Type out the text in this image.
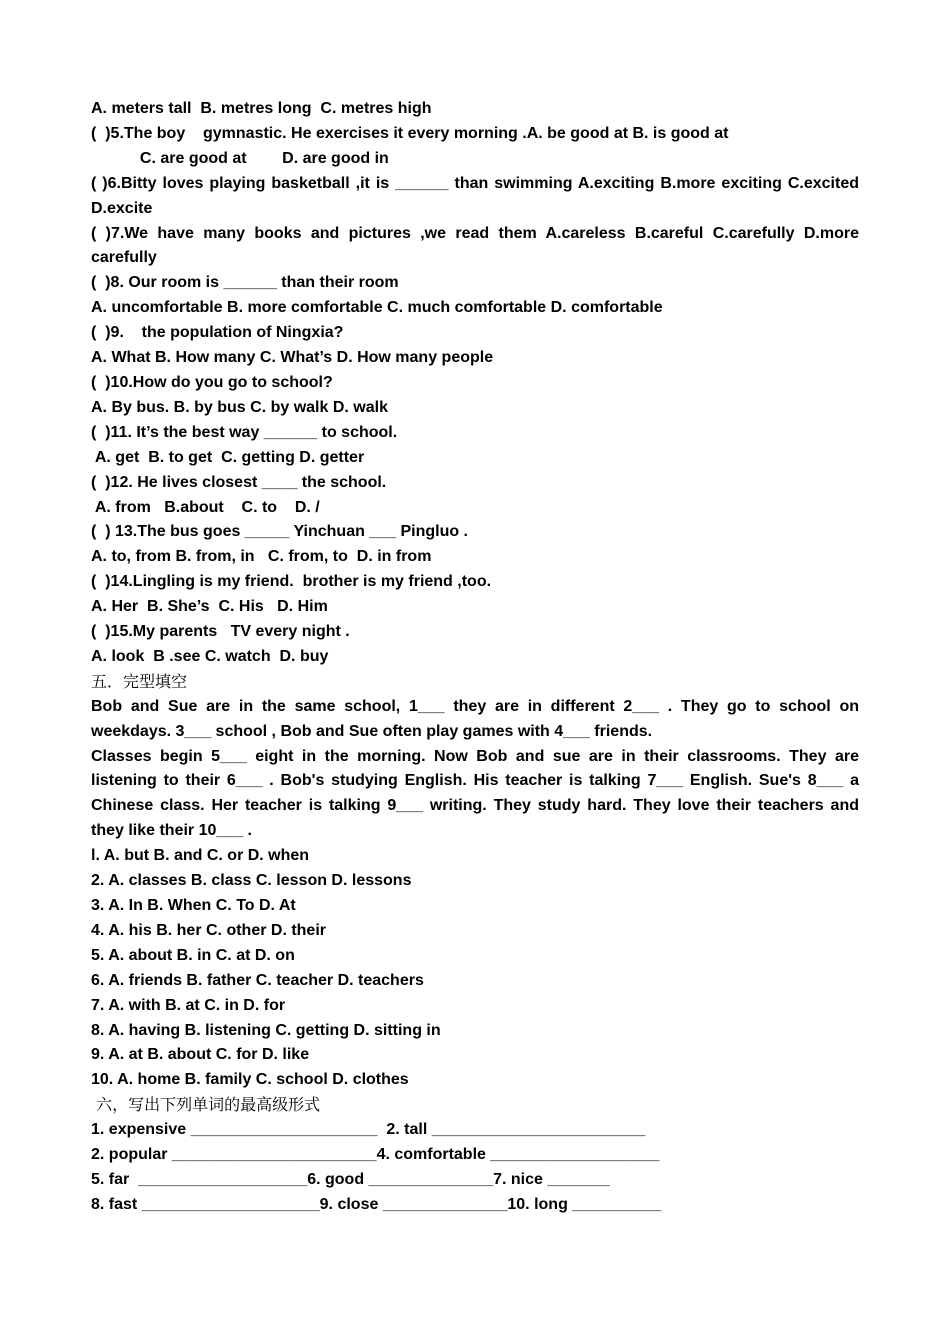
A. meters tall  B. metres long  C. metres high
(  )5.The boy    gymnastic. He exercises it every morning .A. be good at B. is good at
C. are good at        D. are good in
( )6.Bitty loves playing basketball ,it is ______ than swimming A.exciting B.more exciting C.excited D.excite
( )7.We have many books and pictures ,we read them A.careless B.careful C.carefully D.more carefully
(  )8. Our room is ______ than their room
A. uncomfortable B. more comfortable C. much comfortable D. comfortable
(  )9.    the population of Ningxia?
A. What B. How many C. What’s D. How many people
(  )10.How do you go to school?
A. By bus. B. by bus C. by walk D. walk
(  )11. It’s the best way ______ to school.
A. get  B. to get  C. getting D. getter
(  )12. He lives closest ____ the school.
A. from   B.about    C. to    D. /
(  ) 13.The bus goes _____ Yinchuan ___ Pingluo .
A. to, from B. from, in   C. from, to  D. in from
(  )14.Lingling is my friend.  brother is my friend ,too.
A. Her  B. She’s  C. His   D. Him
(  )15.My parents   TV every night .
A. look  B .see C. watch  D. buy
五．完型填空
Bob and Sue are in the same school, 1___ they are in different 2___ . They go to school on weekdays. 3___ school , Bob and Sue often play games with 4___ friends.
Classes begin 5___ eight in the morning. Now Bob and sue are in their classrooms. They are listening to their 6___ . Bob's studying English. His teacher is talking 7___ English. Sue's 8___ a Chinese class. Her teacher is talking 9___ writing. They study hard. They love their teachers and they like their 10___ .
l. A. but B. and C. or D. when
2. A. classes B. class C. lesson D. lessons
3. A. In B. When C. To D. At
4. A. his B. her C. other D. their
5. A. about B. in C. at D. on
6. A. friends B. father C. teacher D. teachers
7. A. with B. at C. in D. for
8. A. having B. listening C. getting D. sitting in
9. A. at B. about C. for D. like
10. A. home B. family C. school D. clothes
六，写出下列单词的最高级形式
1. expensive _____________________  2. tall ________________________
2. popular _______________________4. comfortable ___________________
5. far  ___________________6. good ______________7. nice _______
8. fast ____________________9. close ______________10. long __________
